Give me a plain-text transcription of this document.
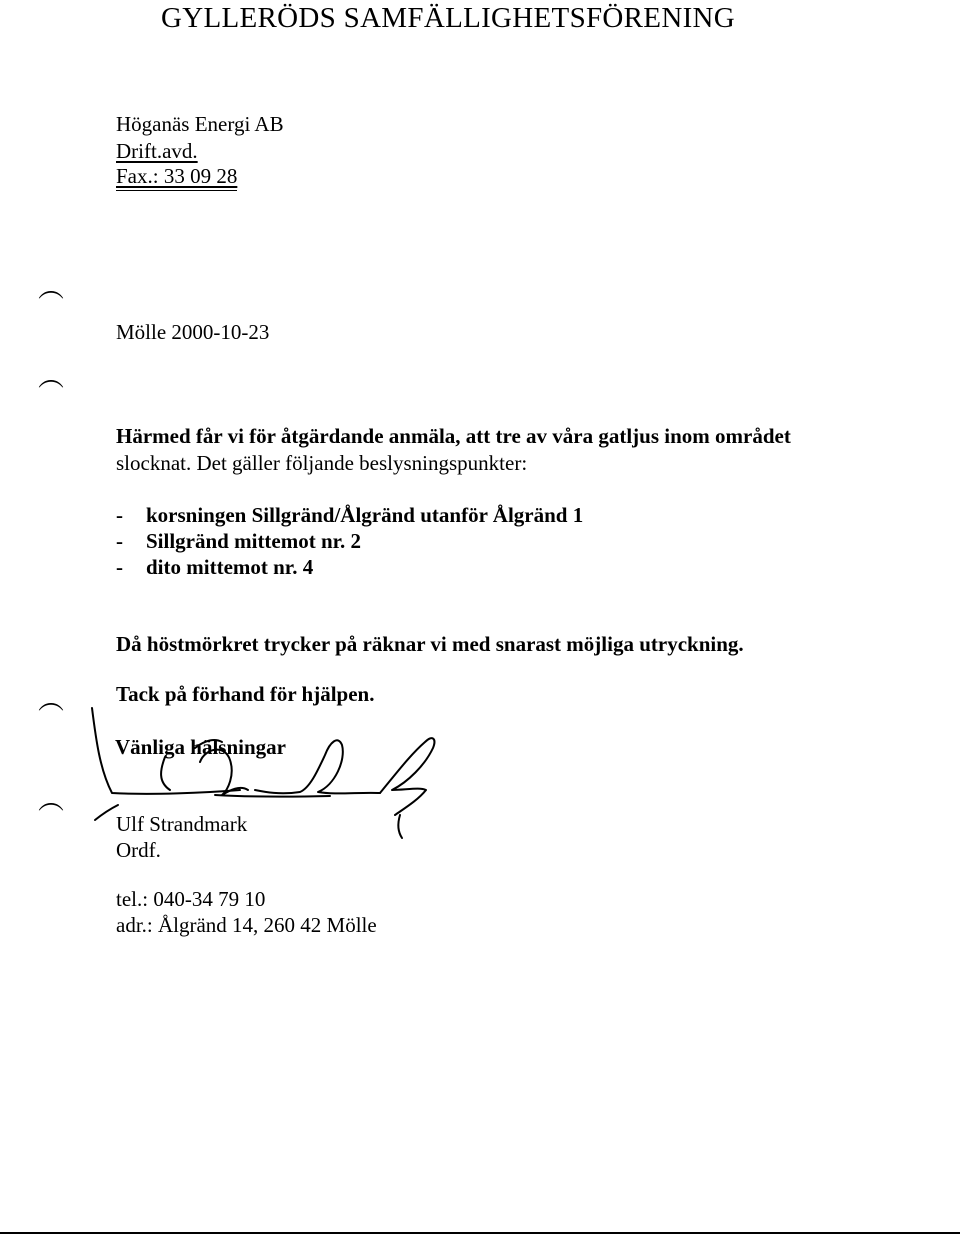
GYLLERÖDS SAMFÄLLIGHETSFÖRENING
Höganäs Energi AB
Drift.avd.
Fax.: 33 09 28
︵
︵
Mölle 2000-10-23
Härmed får vi för åtgärdande anmäla, att tre av våra gatljus inom området
slocknat. Det gäller följande beslysningspunkter:
- korsningen Sillgränd/Ålgränd utanför Ålgränd 1
- Sillgränd mittemot nr. 2
- dito mittemot nr. 4
Då höstmörkret trycker på räknar vi med snarast möjliga utryckning.
︵ Tack på förhand för hjälpen.
Vänliga hälsningar
︵
Ulf Strandmark
Ordf.
tel.: 040-34 79 10
adr.: Ålgränd 14, 260 42 Mölle
